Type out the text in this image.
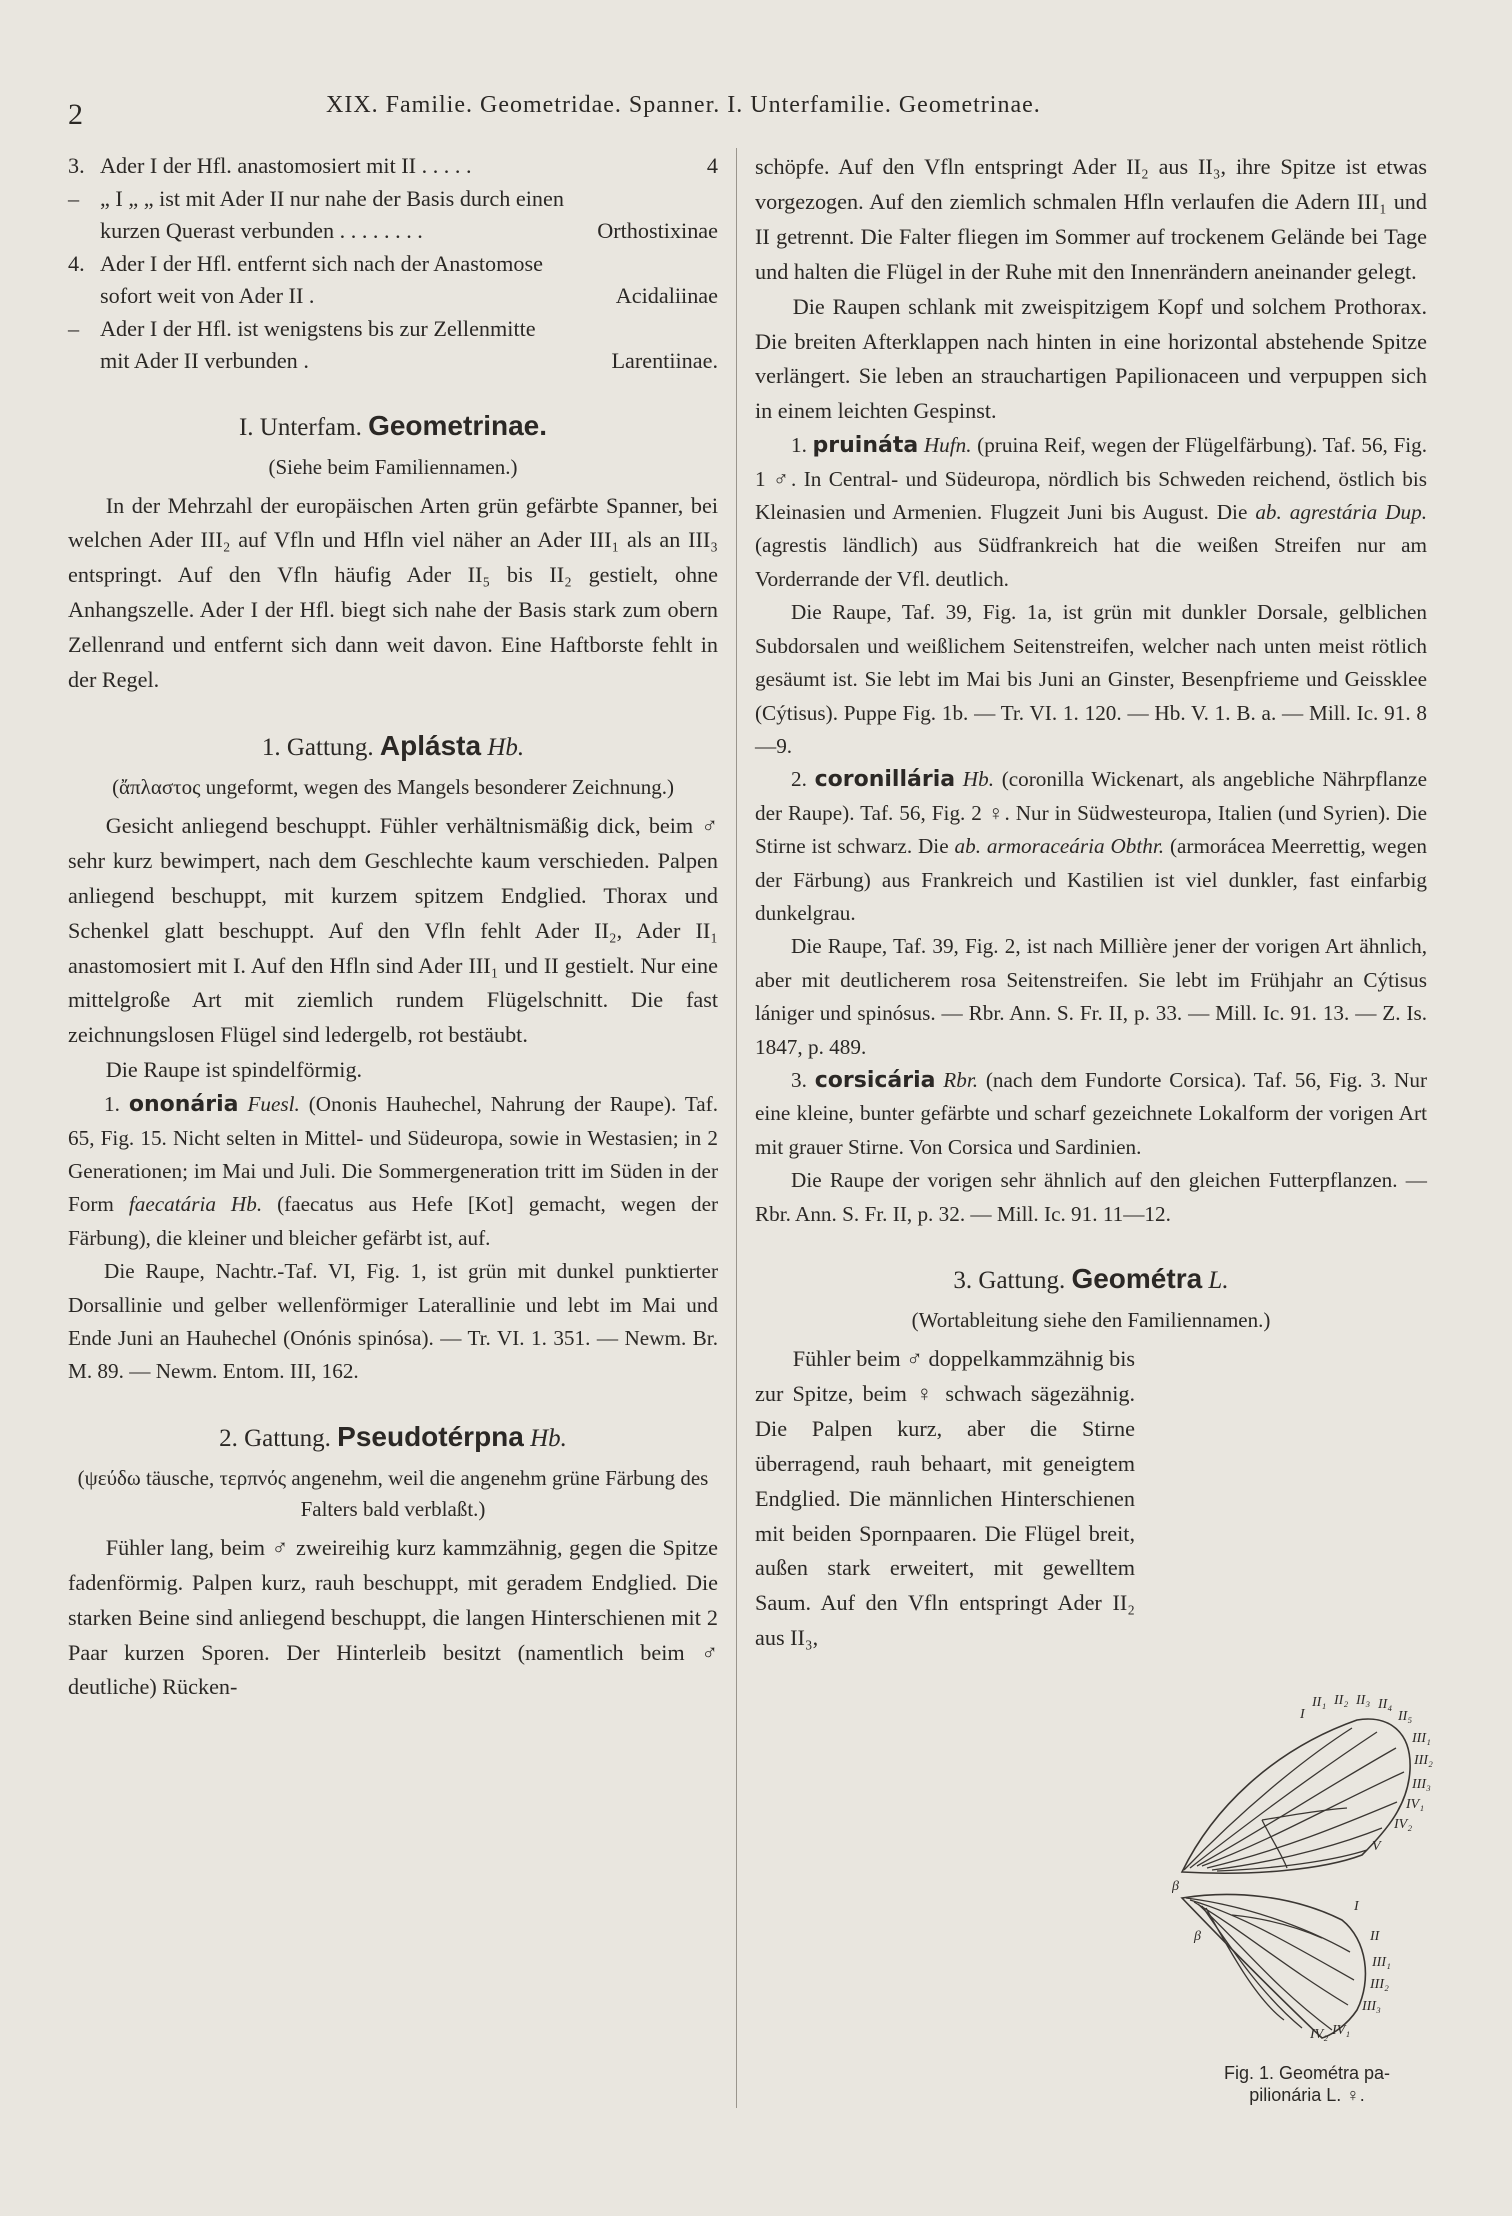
2	XIX. Familie. Geometridae. Spanner. I. Unterfamilie. Geometrinae.
3. Ader I der Hfl. anastomosiert mit II . . . . .	4
– „ I „ „ ist mit Ader II nur nahe der Basis durch einen kurzen Querast verbunden . . . . . . . .	Orthostixinae
4. Ader I der Hfl. entfernt sich nach der Anastomose sofort weit von Ader II .	Acidaliinae
– Ader I der Hfl. ist wenigstens bis zur Zellenmitte mit Ader II verbunden .	Larentiinae.
I. Unterfam. Geometrinae.

(Siehe beim Familiennamen.)

In der Mehrzahl der europäischen Arten grün gefärbte Spanner, bei welchen Ader III₂ auf Vfln und Hfln viel näher an Ader III₁ als an III₃ entspringt. Auf den Vfln häufig Ader II₅ bis II₂ gestielt, ohne Anhangszelle. Ader I der Hfl. biegt sich nahe der Basis stark zum obern Zellenrand und entfernt sich dann weit davon. Eine Haftborste fehlt in der Regel.

1. Gattung. Aplásta Hb.

(ἄπλαστος ungeformt, wegen des Mangels besonderer Zeichnung.)

Gesicht anliegend beschuppt. Fühler verhältnismäßig dick, beim ♂ sehr kurz bewimpert, nach dem Geschlechte kaum verschieden. Palpen anliegend beschuppt, mit kurzem spitzem Endglied. Thorax und Schenkel glatt beschuppt. Auf den Vfln fehlt Ader II₂, Ader II₁ anastomosiert mit I. Auf den Hfln sind Ader III₁ und II gestielt. Nur eine mittelgroße Art mit ziemlich rundem Flügelschnitt. Die fast zeichnungslosen Flügel sind ledergelb, rot bestäubt.

Die Raupe ist spindelförmig.

1. ononária Fuesl. (Ononis Hauhechel, Nahrung der Raupe). Taf. 65, Fig. 15. Nicht selten in Mittel- und Südeuropa, sowie in Westasien; in 2 Generationen; im Mai und Juli. Die Sommergeneration tritt im Süden in der Form faecatária Hb. (faecatus aus Hefe [Kot] gemacht, wegen der Färbung), die kleiner und bleicher gefärbt ist, auf.

Die Raupe, Nachtr.-Taf. VI, Fig. 1, ist grün mit dunkel punktierter Dorsallinie und gelber wellenförmiger Laterallinie und lebt im Mai und Ende Juni an Hauhechel (Onónis spinósa). — Tr. VI. 1. 351. — Newm. Br. M. 89. — Newm. Entom. III, 162.

2. Gattung. Pseudotérpna Hb.

(ψεύδω täusche, τερπνός angenehm, weil die angenehm grüne Färbung des Falters bald verblaßt.)

Fühler lang, beim ♂ zweireihig kurz kammzähnig, gegen die Spitze fadenförmig. Palpen kurz, rauh beschuppt, mit geradem Endglied. Die starken Beine sind anliegend beschuppt, die langen Hinterschienen mit 2 Paar kurzen Sporen. Der Hinterleib besitzt (namentlich beim ♂ deutliche) Rücken-

schöpfe. Auf den Vfln entspringt Ader II₂ aus II₃, ihre Spitze ist etwas vorgezogen. Auf den ziemlich schmalen Hfln verlaufen die Adern III₁ und II getrennt. Die Falter fliegen im Sommer auf trockenem Gelände bei Tage und halten die Flügel in der Ruhe mit den Innenrändern aneinander gelegt.

Die Raupen schlank mit zweispitzigem Kopf und solchem Prothorax. Die breiten Afterklappen nach hinten in eine horizontal abstehende Spitze verlängert. Sie leben an strauchartigen Papilionaceen und verpuppen sich in einem leichten Gespinst.

1. pruináta Hufn. (pruina Reif, wegen der Flügelfärbung). Taf. 56, Fig. 1 ♂. In Central- und Südeuropa, nördlich bis Schweden reichend, östlich bis Kleinasien und Armenien. Flugzeit Juni bis August. Die ab. agrestária Dup. (agrestis ländlich) aus Südfrankreich hat die weißen Streifen nur am Vorderrande der Vfl. deutlich.

Die Raupe, Taf. 39, Fig. 1a, ist grün mit dunkler Dorsale, gelblichen Subdorsalen und weißlichem Seitenstreifen, welcher nach unten meist rötlich gesäumt ist. Sie lebt im Mai bis Juni an Ginster, Besenpfrieme und Geissklee (Cýtisus). Puppe Fig. 1b. — Tr. VI. 1. 120. — Hb. V. 1. B. a. — Mill. Ic. 91. 8—9.

2. coronillária Hb. (coronilla Wickenart, als angebliche Nährpflanze der Raupe). Taf. 56, Fig. 2 ♀. Nur in Südwesteuropa, Italien (und Syrien). Die Stirne ist schwarz. Die ab. armoraceária Obthr. (armorácea Meerrettig, wegen der Färbung) aus Frankreich und Kastilien ist viel dunkler, fast einfarbig dunkelgrau.

Die Raupe, Taf. 39, Fig. 2, ist nach Millière jener der vorigen Art ähnlich, aber mit deutlicherem rosa Seitenstreifen. Sie lebt im Frühjahr an Cýtisus lániger und spinósus. — Rbr. Ann. S. Fr. II, p. 33. — Mill. Ic. 91. 13. — Z. Is. 1847, p. 489.

3. corsicária Rbr. (nach dem Fundorte Corsica). Taf. 56, Fig. 3. Nur eine kleine, bunter gefärbte und scharf gezeichnete Lokalform der vorigen Art mit grauer Stirne. Von Corsica und Sardinien.

Die Raupe der vorigen sehr ähnlich auf den gleichen Futterpflanzen. — Rbr. Ann. S. Fr. II, p. 32. — Mill. Ic. 91. 11—12.

3. Gattung. Geométra L.

(Wortableitung siehe den Familiennamen.)

Fühler beim ♂ doppelkammzähnig bis zur Spitze, beim ♀ schwach sägezähnig. Die Palpen kurz, aber die Stirne überragend, rauh behaart, mit geneigtem Endglied. Die männlichen Hinterschienen mit beiden Spornpaaren. Die Flügel breit, außen stark erweitert, mit gewelltem Saum. Auf den Vfln entspringt Ader II₂ aus II₃,

I
II₁ II₂ II₃ II₄
II₅
III₁
III₂
III₃
IV₁
IV₂
V
β
I
II
III₁
III₂
III₃
IV₁
IV₂
β
Fig. 1. Geométra pa-
pilionária L. ♀.
